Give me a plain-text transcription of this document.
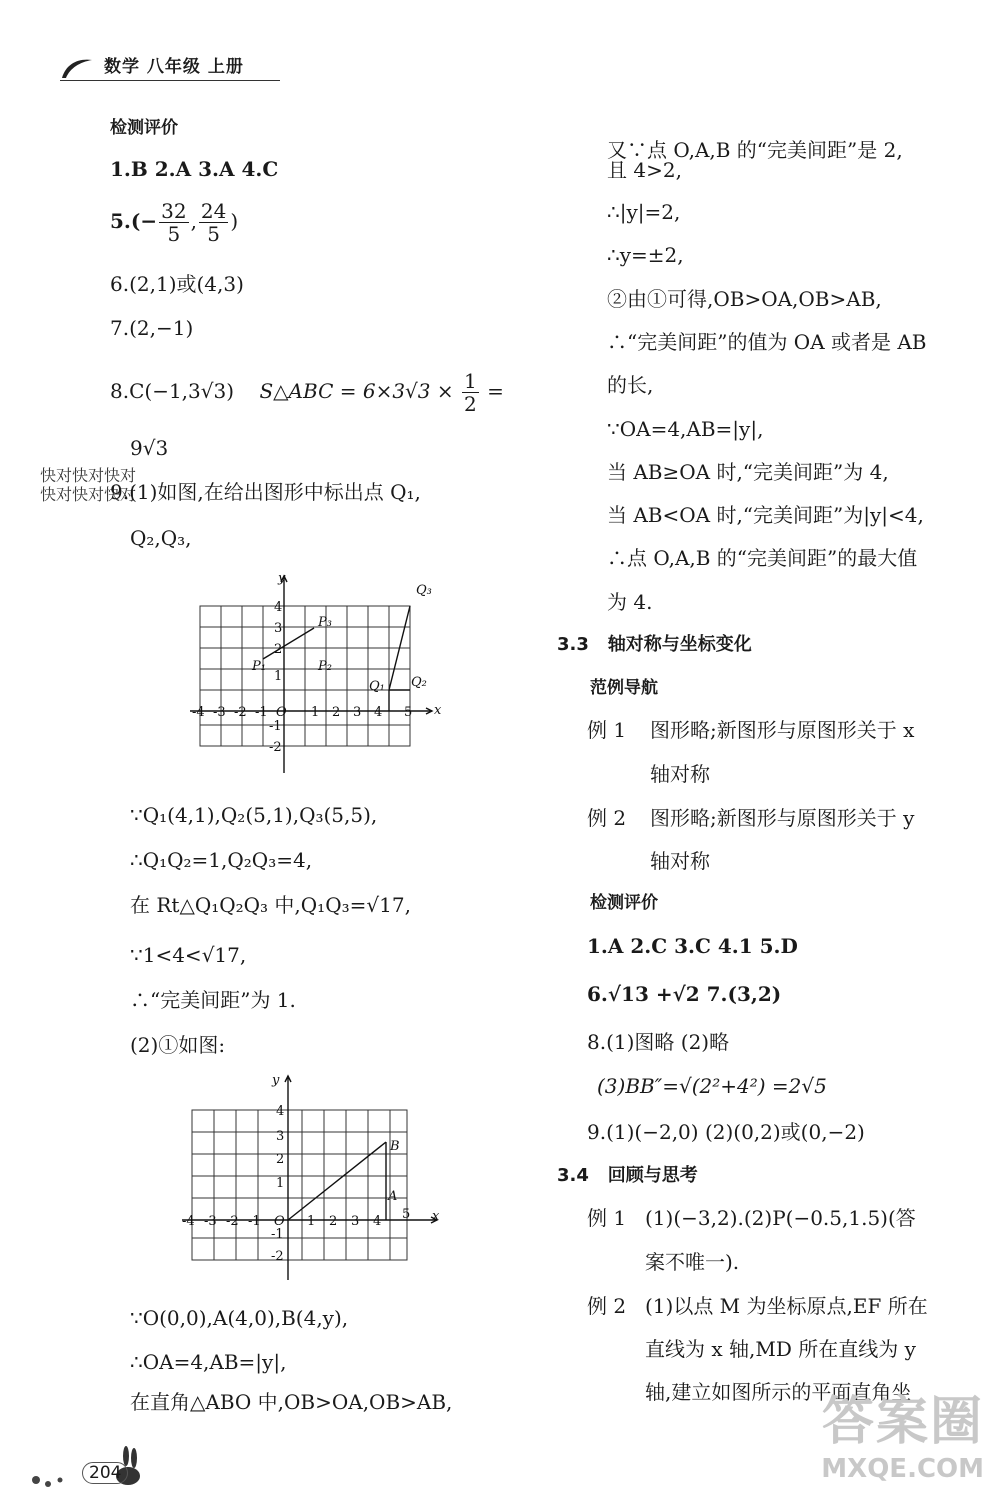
数学 八年级 上册
检测评价
1.B 2.A 3.A 4.C
$5.(- \frac{32}{5}$ , $\frac{24}{5}$ )
6.(2,1)或(4,3)
7.(2,−1)
8.C(−1,3√3) S△ABC = $6\times 3√3 \times \frac{1}{2}$ =
9√3
快对快对快对
快对快对快对
9.(1)如图,在给出图形中标出点 Q₁,
Q₂,Q₃,
-4 -3 -2 -1 O 1 2 3 4 5
4
3
2
1
-1
-2
P₁	P₂
P₃
Q₁ Q₂
Q₃
x
y
∵Q₁(4,1),Q₂(5,1),Q₃(5,5),
∴Q₁Q₂=1,Q₂Q₃=4,
在 Rt△Q₁Q₂Q₃ 中,Q₁Q₃=√17,
∵1<4<√17,
∴“完美间距”为 1.
(2)①如图:
-4 -3 -2 -1 O 1 2 3 4 5
4
3
2
1
-1
-2
A
B
x
y
∵O(0,0),A(4,0),B(4,y),
∴OA=4,AB=|y|,
在直角△ABO 中,OB>OA,OB>AB,
又∵点 O,A,B 的“完美间距”是 2,
且 4>2,
∴|y|=2,
∴y=±2,
②由①可得,OB>OA,OB>AB,
∴“完美间距”的值为 OA 或者是 AB
的长,
∵OA=4,AB=|y|,
当 AB≥OA 时,“完美间距”为 4,
当 AB<OA 时,“完美间距”为|y|<4,
∴点 O,A,B 的“完美间距”的最大值
为 4.
3.3 轴对称与坐标变化
范例导航
例 1 图形略;新图形与原图形关于 x
轴对称
例 2 图形略;新图形与原图形关于 y
轴对称
检测评价
1.A 2.C 3.C 4.1 5.D
6.√13 +√2 7.(3,2)
8.(1)图略 (2)略
(3)BB″=√(2²+4²) =2√5
9.(1)(−2,0) (2)(0,2)或(0,−2)
3.4 回顾与思考
例 1 (1)(−3,2).(2)P(−0.5,1.5)(答
案不唯一).
例 2 (1)以点 M 为坐标原点,EF 所在
直线为 x 轴,MD 所在直线为 y
轴,建立如图所示的平面直角坐
204
答案圈
MXQE.COM
